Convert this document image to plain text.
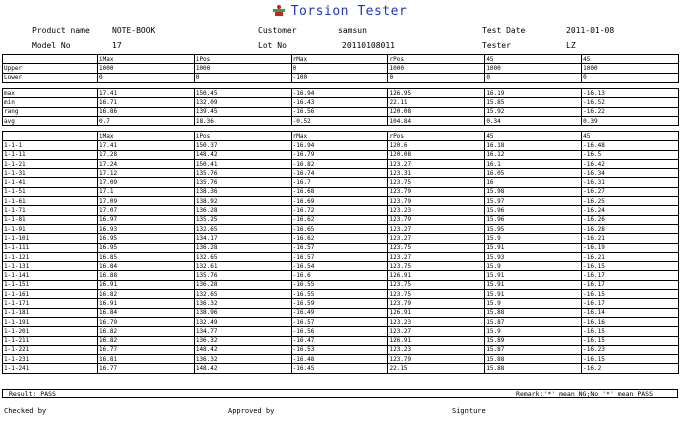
Torsion Tester
Product name	NOTE-BOOK	Customer	samsun	Test Date	2011-01-08
Model No	17	Lot No	20110108011	Tester	LZ
	iMax	iPos	rMax	rPos	45	45
Upper	1000	1000	0	1000	1000	1000
Lower	0	0	-100	0	0	0
max	17.41	150.45	-16.94	126.95	16.19	-16.13
min	16.71	132.09	-16.43	22.11	15.85	-16.52
rang	16.86	139.45	-16.56	120.08	15.92	-16.22
avg	0.7	18.36	-0.52	104.84	0.34	0.39
	iMax	iPos	rMax	rPos	45	45
1-1-1	17.41	150.37	-16.94	120.6	16.18	-16.48
1-1-11	17.28	148.42	-16.79	120.08	16.12	-16.5
1-1-21	17.24	150.41	-16.82	123.27	16.1	-16.42
1-1-31	17.12	135.76	-16.74	123.31	16.05	-16.34
1-1-41	17.09	135.76	-16.7	123.75	16	-16.31
1-1-51	17.1	138.36	-16.68	123.79	15.98	-16.27
1-1-61	17.09	138.92	-16.69	123.79	15.97	-16.25
1-1-71	17.07	136.28	-16.72	123.23	15.96	-16.24
1-1-81	16.97	135.25	-16.62	123.79	15.96	-16.26
1-1-91	16.93	132.65	-16.65	123.27	15.95	-16.28
1-1-101	16.95	134.17	-16.62	123.27	15.9	-16.21
1-1-111	16.95	136.28	-16.57	123.75	15.91	-16.19
1-1-121	16.85	132.65	-16.57	123.27	15.93	-16.21
1-1-131	16.84	132.61	-16.54	123.75	15.9	-16.15
1-1-141	16.88	135.76	-16.6	126.91	15.91	-16.17
1-1-151	16.91	136.28	-16.55	123.75	15.91	-16.17
1-1-161	16.82	132.65	-16.55	123.75	15.91	-16.15
1-1-171	16.91	136.32	-16.59	123.79	15.9	-16.17
1-1-181	16.84	138.96	-16.49	126.91	15.88	-16.14
1-1-191	16.79	132.49	-16.57	123.23	15.87	-16.16
1-1-201	16.82	134.77	-16.56	123.27	15.9	-16.15
1-1-211	16.82	136.32	-16.47	126.91	15.89	-16.15
1-1-221	16.77	148.42	-16.53	123.23	15.87	-16.23
1-1-231	16.81	136.32	-16.48	123.79	15.88	-16.15
1-1-241	16.77	148.42	-16.45	22.15	15.88	-16.2
Result: PASS	Remark:'*' mean NG;No '*' mean PASS
Checked by	Approved by	Signture
